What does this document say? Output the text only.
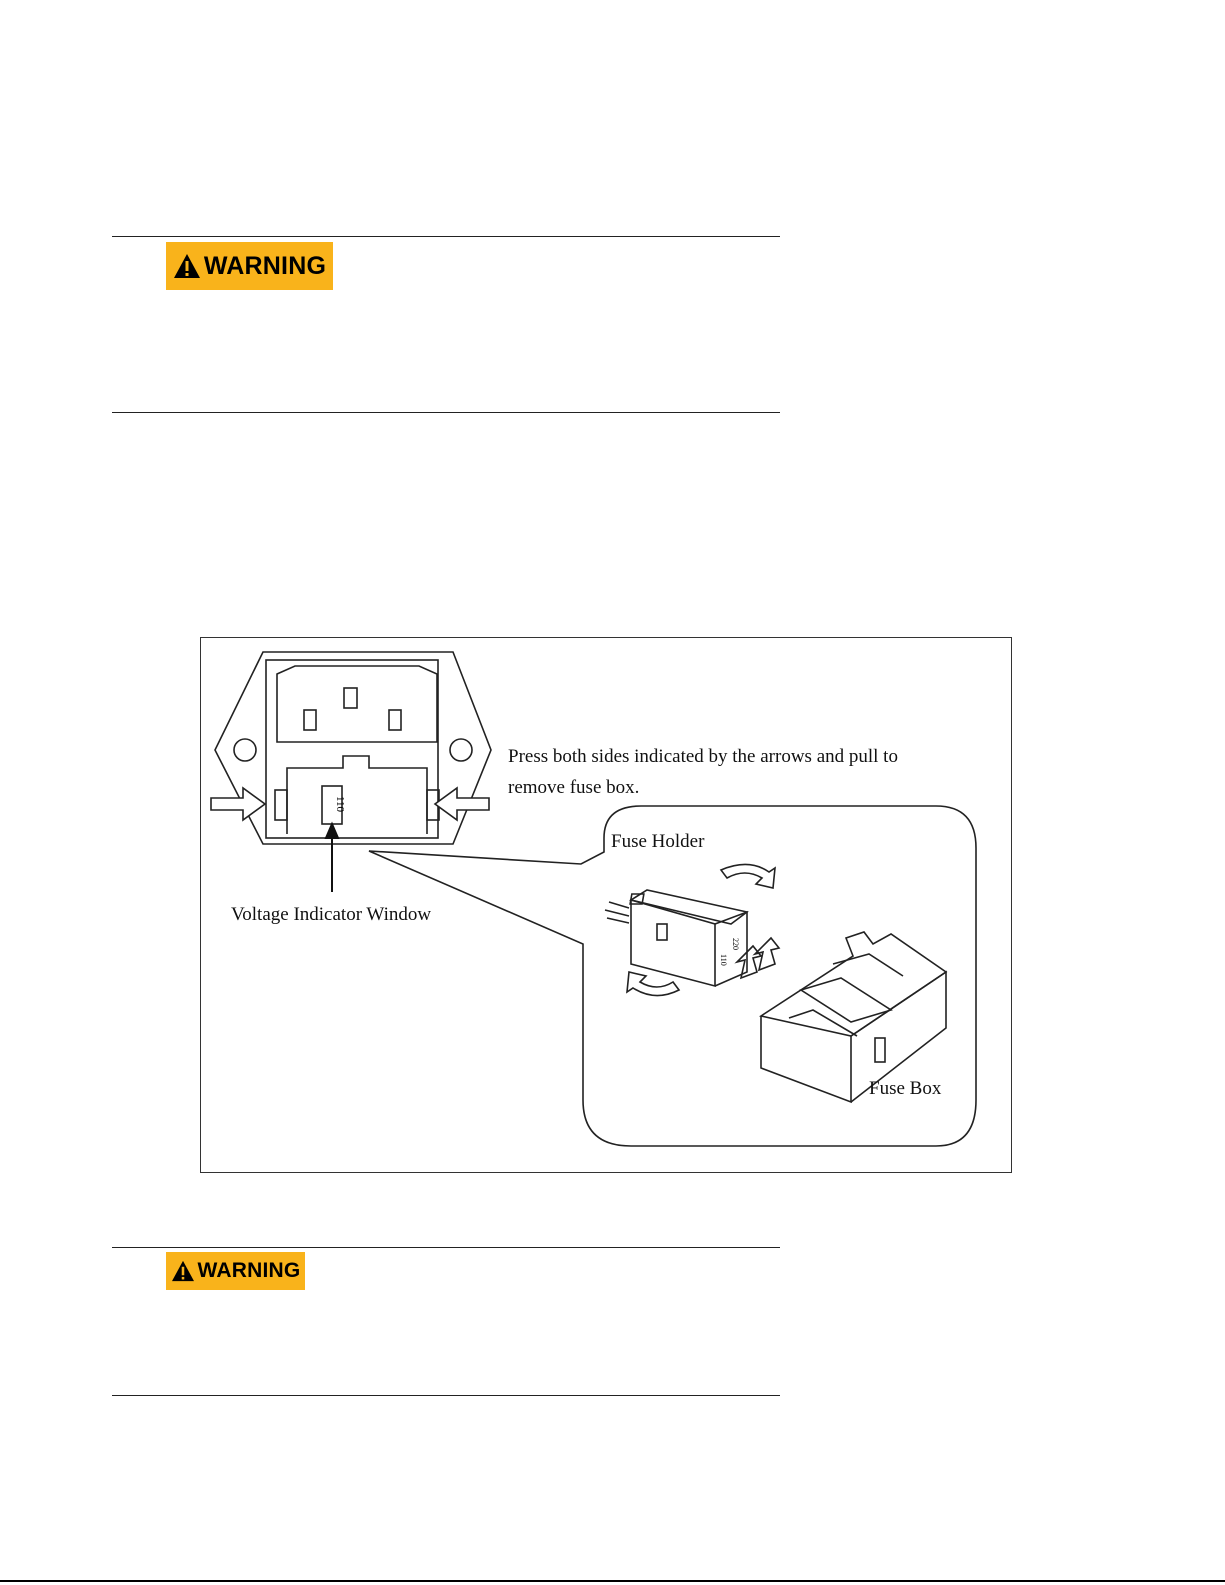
WARNING
110
110
220
Press both sides indicated by the arrows and pull to
remove fuse box.
Fuse Holder
Voltage Indicator Window
Fuse Box
WARNING
